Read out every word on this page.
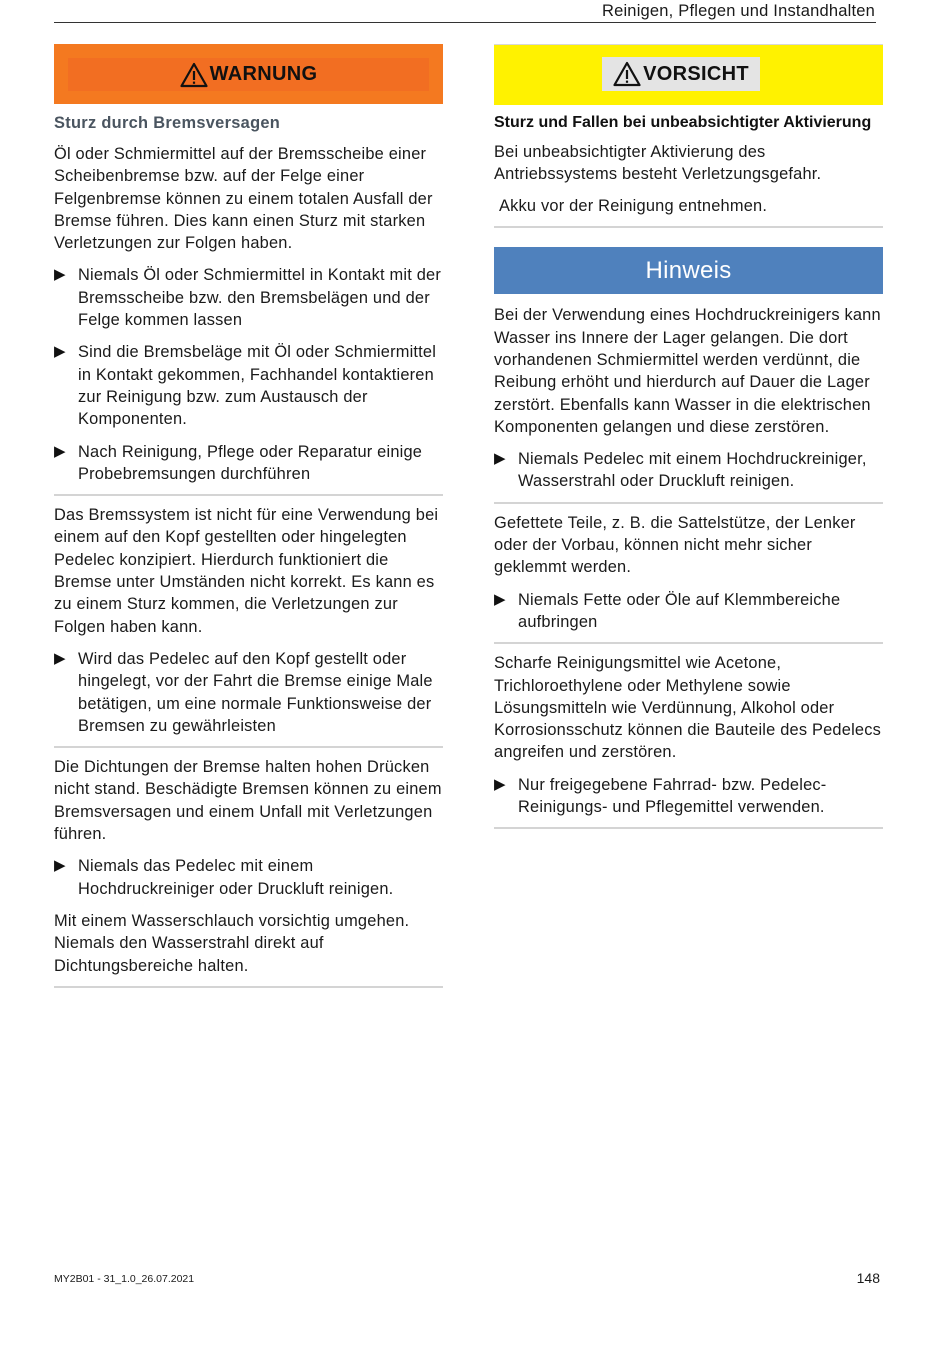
Reinigen, Pflegen und Instandhalten
WARNUNG
Sturz durch Bremsversagen

Öl oder Schmiermittel auf der Bremsscheibe einer Scheibenbremse bzw. auf der Felge einer Felgenbremse können zu einem totalen Ausfall der Bremse führen. Dies kann einen Sturz mit starken Verletzungen zur Folgen haben.

▶ Niemals Öl oder Schmiermittel in Kontakt mit der Bremsscheibe bzw. den Bremsbelägen und der Felge kommen lassen

▶ Sind die Bremsbeläge mit Öl oder Schmiermittel in Kontakt gekommen, Fachhandel kontaktieren zur Reinigung bzw. zum Austausch der Komponenten.

▶ Nach Reinigung, Pflege oder Reparatur einige Probebremsungen durchführen

Das Bremssystem ist nicht für eine Verwendung bei einem auf den Kopf gestellten oder hingelegten Pedelec konzipiert. Hierdurch funktioniert die Bremse unter Umständen nicht korrekt. Es kann es zu einem Sturz kommen, die Verletzungen zur Folgen haben kann.

▶ Wird das Pedelec auf den Kopf gestellt oder hingelegt, vor der Fahrt die Bremse einige Male betätigen, um eine normale Funktionsweise der Bremsen zu gewährleisten

Die Dichtungen der Bremse halten hohen Drücken nicht stand. Beschädigte Bremsen können zu einem Bremsversagen und einem Unfall mit Verletzungen führen.

▶ Niemals das Pedelec mit einem Hochdruckreiniger oder Druckluft reinigen.

Mit einem Wasserschlauch vorsichtig umgehen. Niemals den Wasserstrahl direkt auf Dichtungsbereiche halten.

VORSICHT
Sturz und Fallen bei unbeabsichtigter Aktivierung

Bei unbeabsichtigter Aktivierung des Antriebssystems besteht Verletzungsgefahr.

Akku vor der Reinigung entnehmen.

Hinweis

Bei der Verwendung eines Hochdruckreinigers kann Wasser ins Innere der Lager gelangen. Die dort vorhandenen Schmiermittel werden verdünnt, die Reibung erhöht und hierdurch auf Dauer die Lager zerstört. Ebenfalls kann Wasser in die elektrischen Komponenten gelangen und diese zerstören.

▶ Niemals Pedelec mit einem Hochdruckreiniger, Wasserstrahl oder Druckluft reinigen.

Gefettete Teile, z. B. die Sattelstütze, der Lenker oder der Vorbau, können nicht mehr sicher geklemmt werden.

▶ Niemals Fette oder Öle auf Klemmbereiche aufbringen

Scharfe Reinigungsmittel wie Acetone, Trichloroethylene oder Methylene sowie Lösungsmitteln wie Verdünnung, Alkohol oder Korrosionsschutz können die Bauteile des Pedelecs angreifen und zerstören.

▶ Nur freigegebene Fahrrad- bzw. Pedelec-Reinigungs- und Pflegemittel verwenden.

MY2B01 - 31_1.0_26.07.2021	148
